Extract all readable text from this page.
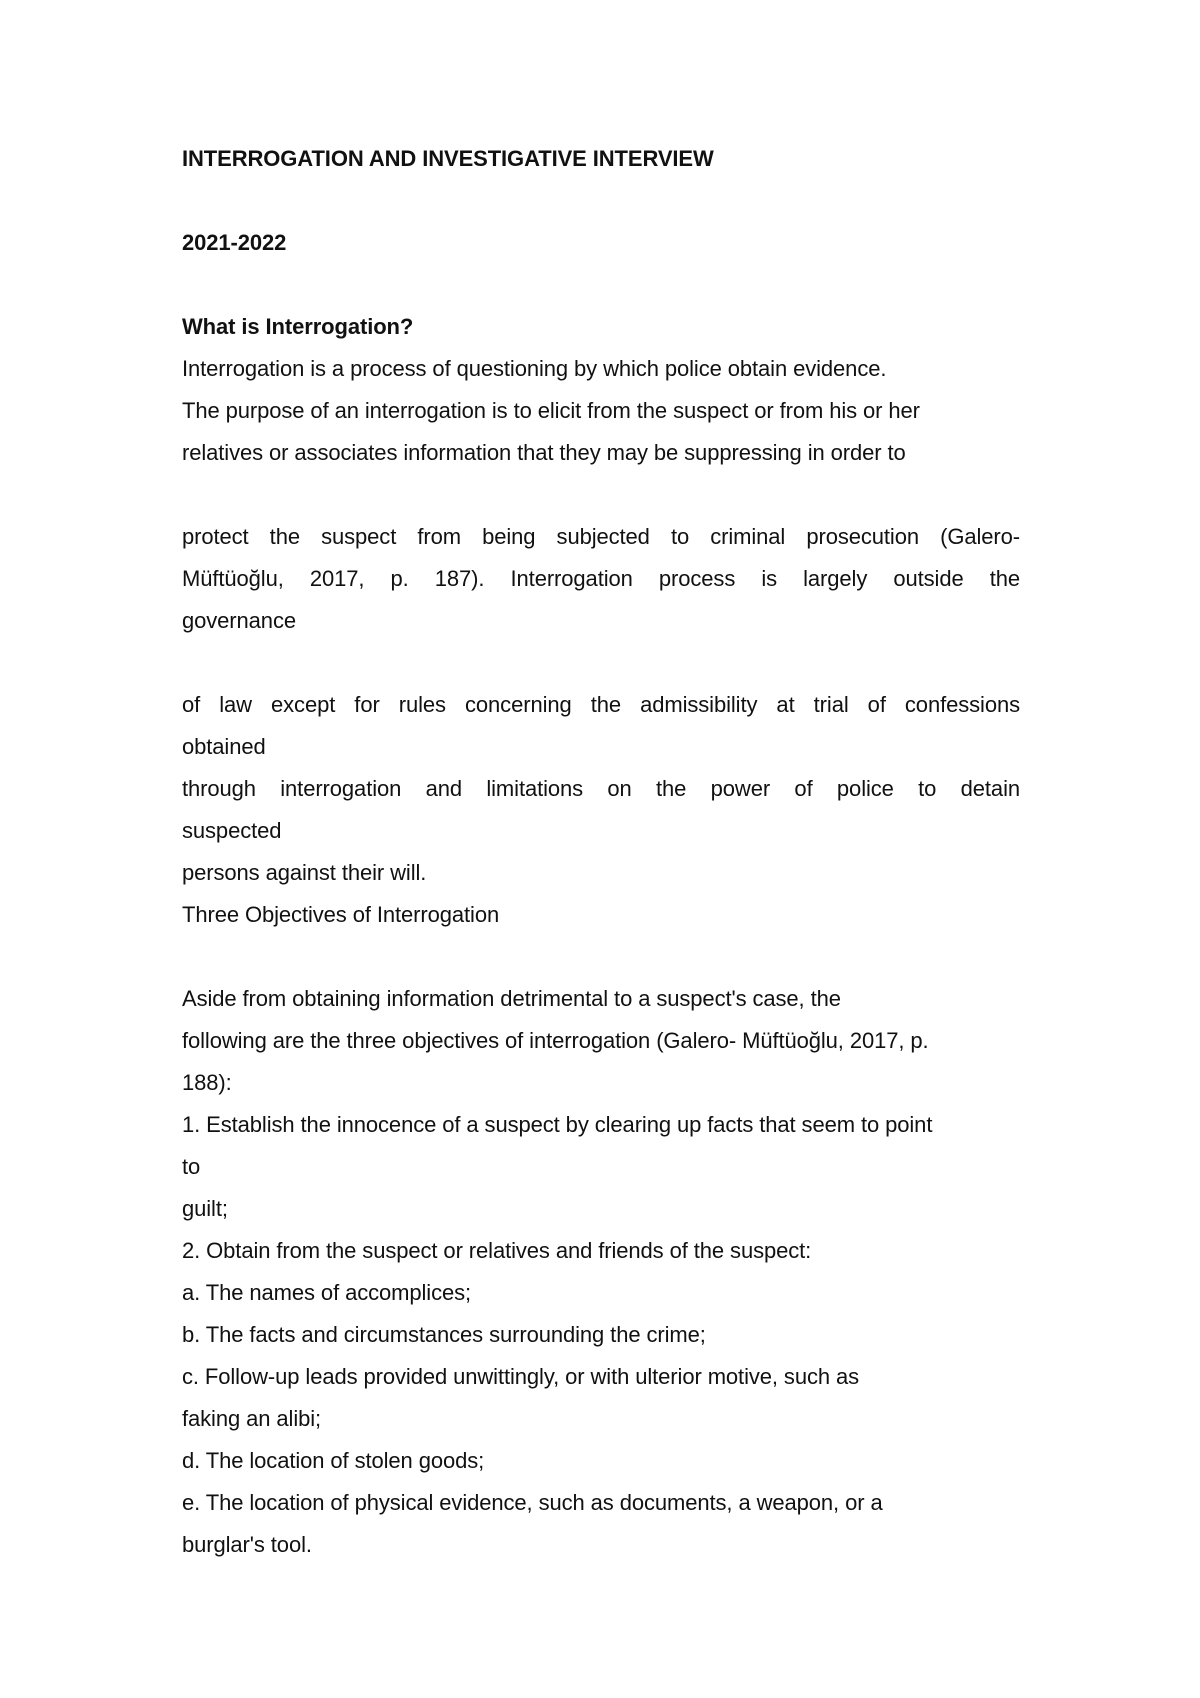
INTERROGATION AND INVESTIGATIVE INTERVIEW
2021-2022
What is Interrogation?
Interrogation is a process of questioning by which police obtain evidence.
The purpose of an interrogation is to elicit from the suspect or from his or her
relatives or associates information that they may be suppressing in order to
protect the suspect from being subjected to criminal prosecution (Galero-
Müftüoğlu, 2017, p. 187). Interrogation process is largely outside the
governance
of law except for rules concerning the admissibility at trial of confessions
obtained
through interrogation and limitations on the power of police to detain
suspected
persons against their will.
Three Objectives of Interrogation
Aside from obtaining information detrimental to a suspect's case, the
following are the three objectives of interrogation (Galero- Müftüoğlu, 2017, p.
188):
1. Establish the innocence of a suspect by clearing up facts that seem to point
to
guilt;
2. Obtain from the suspect or relatives and friends of the suspect:
a. The names of accomplices;
b. The facts and circumstances surrounding the crime;
c. Follow-up leads provided unwittingly, or with ulterior motive, such as
faking an alibi;
d. The location of stolen goods;
e. The location of physical evidence, such as documents, a weapon, or a
burglar's tool.
